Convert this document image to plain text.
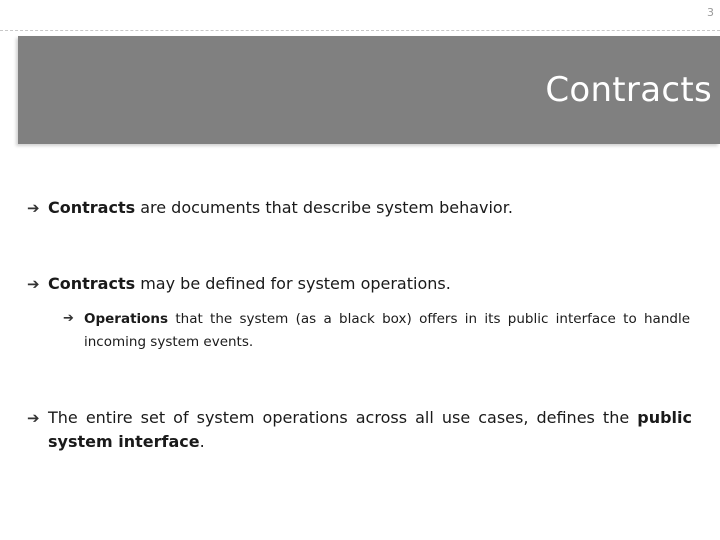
3
Contracts
➔ Contracts are documents that describe system behavior.
➔ Contracts may be defined for system operations.
➔ Operations that the system (as a black box) offers in its public interface to handle incoming system events.
➔ The entire set of system operations across all use cases, defines the public system interface.
